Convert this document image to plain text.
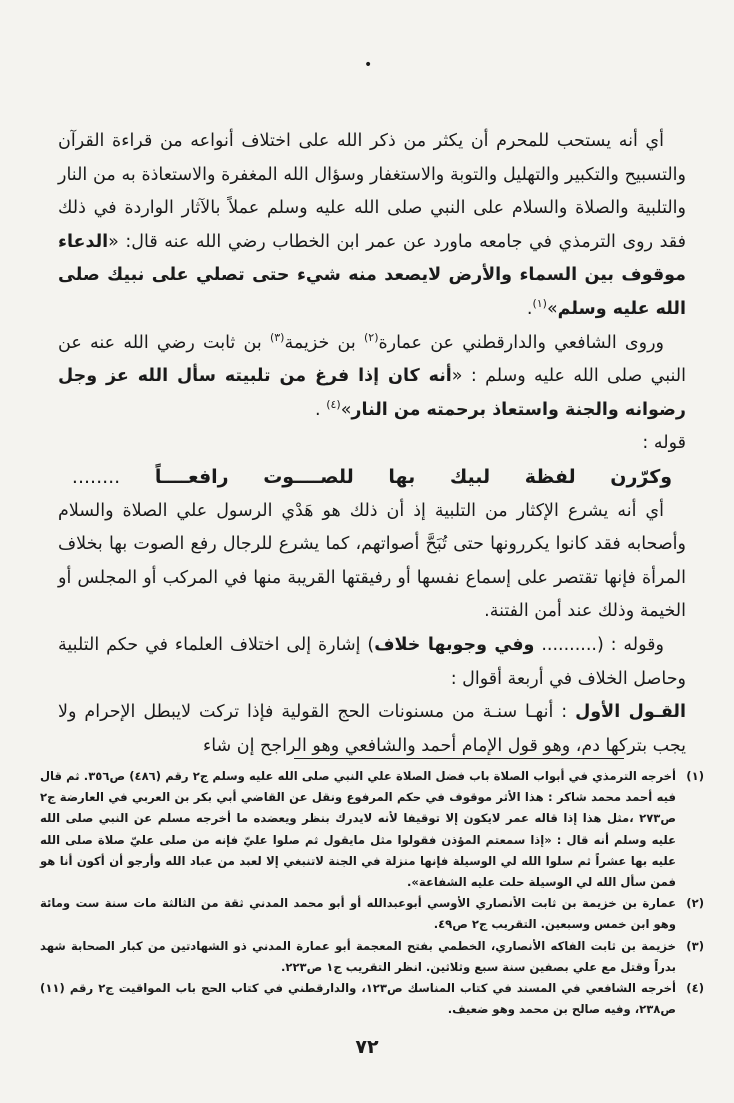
•

أي أنه يستحب للمحرم أن يكثر من ذكر الله على اختلاف أنواعه من قراءة القرآن والتسبيح والتكبير والتهليل والتوبة والاستغفار وسؤال الله المغفرة والاستعاذة به من النار والتلبية والصلاة والسلام على النبي صلى الله عليه وسلم عملاً بالآثار الواردة في ذلك فقد روى الترمذي في جامعه ماورد عن عمر ابن الخطاب رضي الله عنه قال: «الدعاء موقوف بين السماء والأرض لايصعد منه شيء حتى تصلي على نبيك صلى الله عليه وسلم»$^{(١)}$.

وروى الشافعي والدارقطني عن عمارة$^{(٢)}$ بن خزيمة$^{(٣)}$ بن ثابت رضي الله عنه عن النبي صلى الله عليه وسلم : «أنه كان إذا فرغ من تلبيته سأل الله عز وجل رضوانه والجنة واستعاذ برحمته من النار»$^{(٤)}$ .

قوله :

وكرّرن لفظة لبيك بها للصــــوت رافعــــاً ........

أي أنه يشرع الإكثار من التلبية إذ أن ذلك هو هَدْي الرسول علي الصلاة والسلام وأصحابه فقد كانوا يكررونها حتى تُبَحَّ أصواتهم، كما يشرع للرجال رفع الصوت بها بخلاف المرأة فإنها تقتصر على إسماع نفسها أو رفيقتها القريبة منها في المركب أو المجلس أو الخيمة وذلك عند أمن الفتنة.

وقوله : (.......... وفي وجوبها خلاف) إشارة إلى اختلاف العلماء في حكم التلبية وحاصل الخلاف في أربعة أقوال :

القـول الأول : أنهـا سنـة من مسنونات الحج القولية فإذا تركت لايبطل الإحرام ولا يجب بتركها دم، وهو قول الإمام أحمد والشافعي وهو الراجح إن شاء

(١)
أخرجه الترمذي في أبواب الصلاة باب فضل الصلاة علي النبي صلى الله عليه وسلم ج٢ رقم (٤٨٦) ص٣٥٦. ثم قال فيه أحمد محمد شاكر : هذا الأثر موقوف في حكم المرفوع ونقل عن القاضي أبي بكر بن العربي في العارضة ج٢ ص٢٧٣ ،مثل هذا إذا قاله عمر لايكون إلا توقيفا لأنه لايدرك بنظر ويعضده ما أخرجه مسلم عن النبي صلى الله عليه وسلم أنه قال : «إذا سمعتم المؤذن فقولوا مثل مايقول ثم صلوا عليّ فإنه من صلى عليّ صلاة صلى الله عليه بها عشراً ثم سلوا الله لي الوسيلة فإنها منزلة في الجنة لاتنبغي إلا لعبد من عباد الله وأرجو أن أكون أنا هو فمن سأل الله لي الوسيلة حلت عليه الشفاعة».
(٢)
عمارة بن خزيمة بن ثابت الأنصاري الأوسي أبوعبدالله أو أبو محمد المدني ثقة من الثالثة مات سنة ست ومائة وهو ابن خمس وسبعين. التقريب ج٢ ص٤٩.
(٣)
خزيمة بن ثابت الفاكه الأنصاري، الخطمي بفتح المعجمة أبو عمارة المدني ذو الشهادتين من كبار الصحابة شهد بدراً وقتل مع علي بصفين سنة سبع وثلاثين. انظر التقريب ج١ ص٢٢٣.
(٤)
أخرجه الشافعي في المسند في كتاب المناسك ص١٢٣، والدارقطني في كتاب الحج باب المواقيت ج٢ رقم (١١) ص٢٣٨، وفيه صالح بن محمد وهو ضعيف.
٧٢
